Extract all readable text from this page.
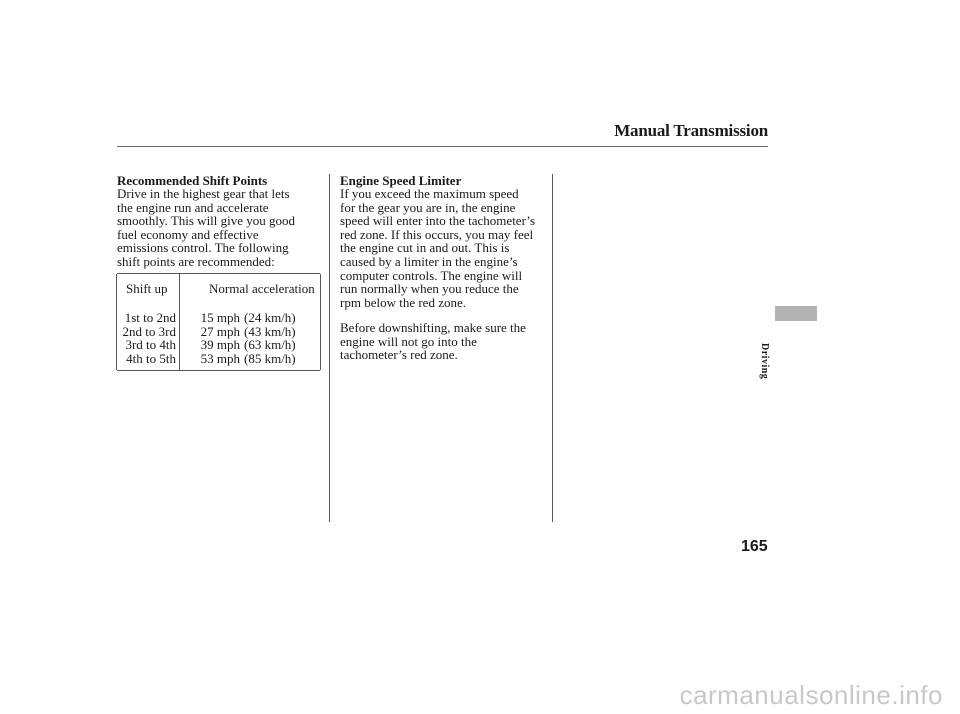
Manual Transmission
Recommended Shift Points
Drive in the highest gear that lets
the engine run and accelerate
smoothly. This will give you good
fuel economy and effective
emissions control. The following
shift points are recommended:
Shift up	Normal acceleration
1st to 2nd
2nd to 3rd
3rd to 4th
4th to 5th
15 mph
27 mph
39 mph
53 mph
(24 km/h)
(43 km/h)
(63 km/h)
(85 km/h)
Engine Speed Limiter
If you exceed the maximum speed
for the gear you are in, the engine
speed will enter into the tachometer’s
red zone. If this occurs, you may feel
the engine cut in and out. This is
caused by a limiter in the engine’s
computer controls. The engine will
run normally when you reduce the
rpm below the red zone.
Before downshifting, make sure the
engine will not go into the
tachometer’s red zone.	Driving
165
carmanualsonline.info
